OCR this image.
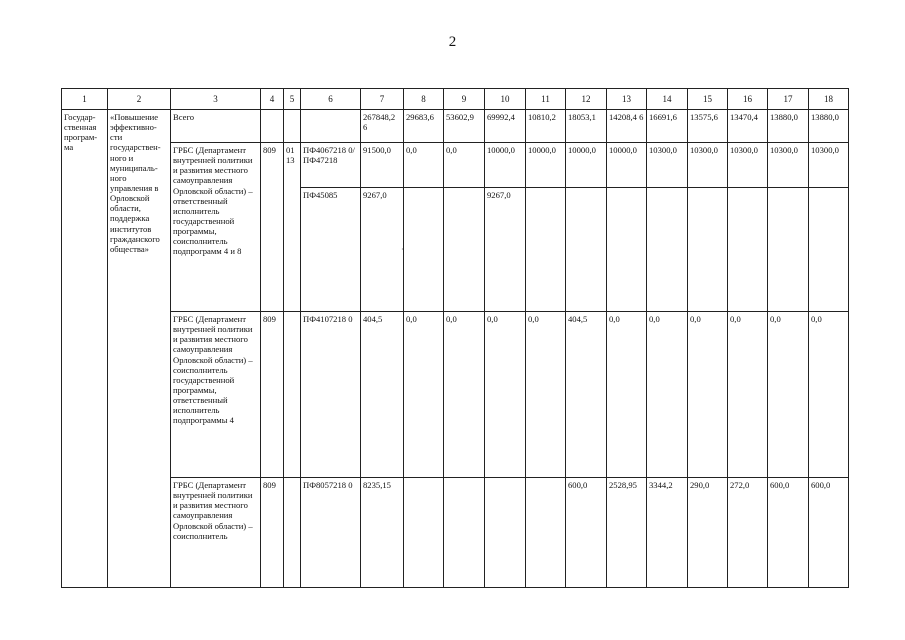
2
1	2	3	4	5	6	7	8	9	10	11	12	13	14	15	16	17	18
Государ-ственная програм-ма	«Повышение эффективно-сти государствен-ного и муниципаль-ного управления в Орловской области, поддержка институтов гражданского общества»	Всего				267848,2 6	29683,6	53602,9	69992,4	10810,2	18053,1	14208,4 6	16691,6	13575,6	13470,4	13880,0	13880,0
		ГРБС (Департамент внутренней политики и развития местного самоуправления Орловской области) – ответственный исполнитель государственной программы, соисполнитель подпрограмм 4 и 8	809	01 13	ПФ4067218 0/ ПФ47218	91500,0	0,0	0,0	10000,0	10000,0	10000,0	10000,0	10300,0	10300,0	10300,0	10300,0	10300,0
					ПФ45085	9267,0			9267,0								
		ГРБС (Департамент внутренней политики и развития местного самоуправления Орловской области) – соисполнитель государственной программы, ответственный исполнитель подпрограммы 4	809		ПФ4107218 0	404,5	0,0	0,0	0,0	0,0	404,5	0,0	0,0	0,0	0,0	0,0	0,0
		ГРБС (Департамент внутренней политики и развития местного самоуправления Орловской области) – соисполнитель	809		ПФ8057218 0	8235,15					600,0	2528,95	3344,2	290,0	272,0	600,0	600,0
·
